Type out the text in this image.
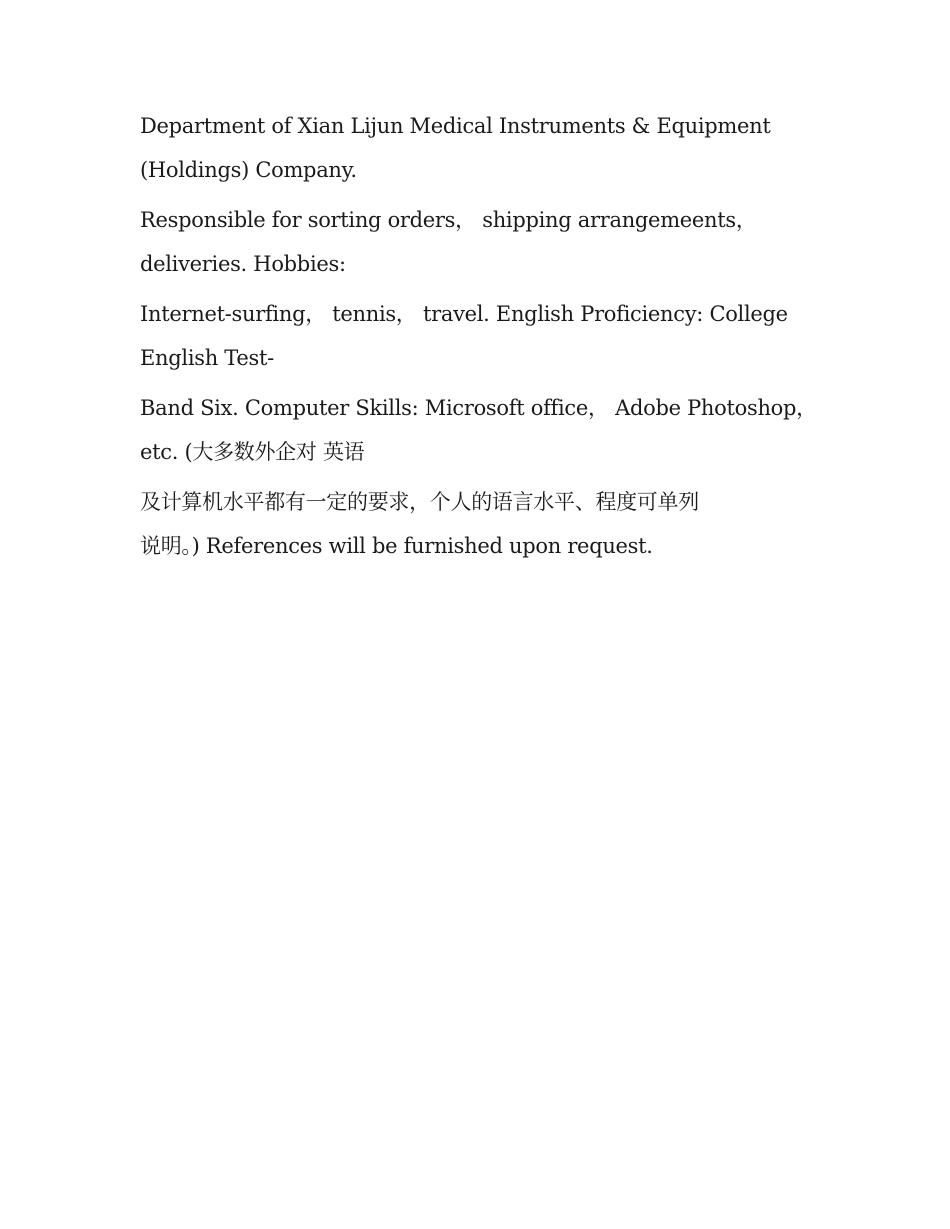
Department of Xian Lijun Medical Instruments & Equipment
(Holdings) Company.

Responsible for sorting orders， shipping arrangemeents，
deliveries. Hobbies:

Internet-surfing， tennis， travel. English Proficiency: College
English Test-

Band Six. Computer Skills: Microsoft office， Adobe Photoshop，
etc. (大多数外企对 英语

及计算机水平都有一定的要求，个人的语言水平、程度可单列
说明。) References will be furnished upon request.
